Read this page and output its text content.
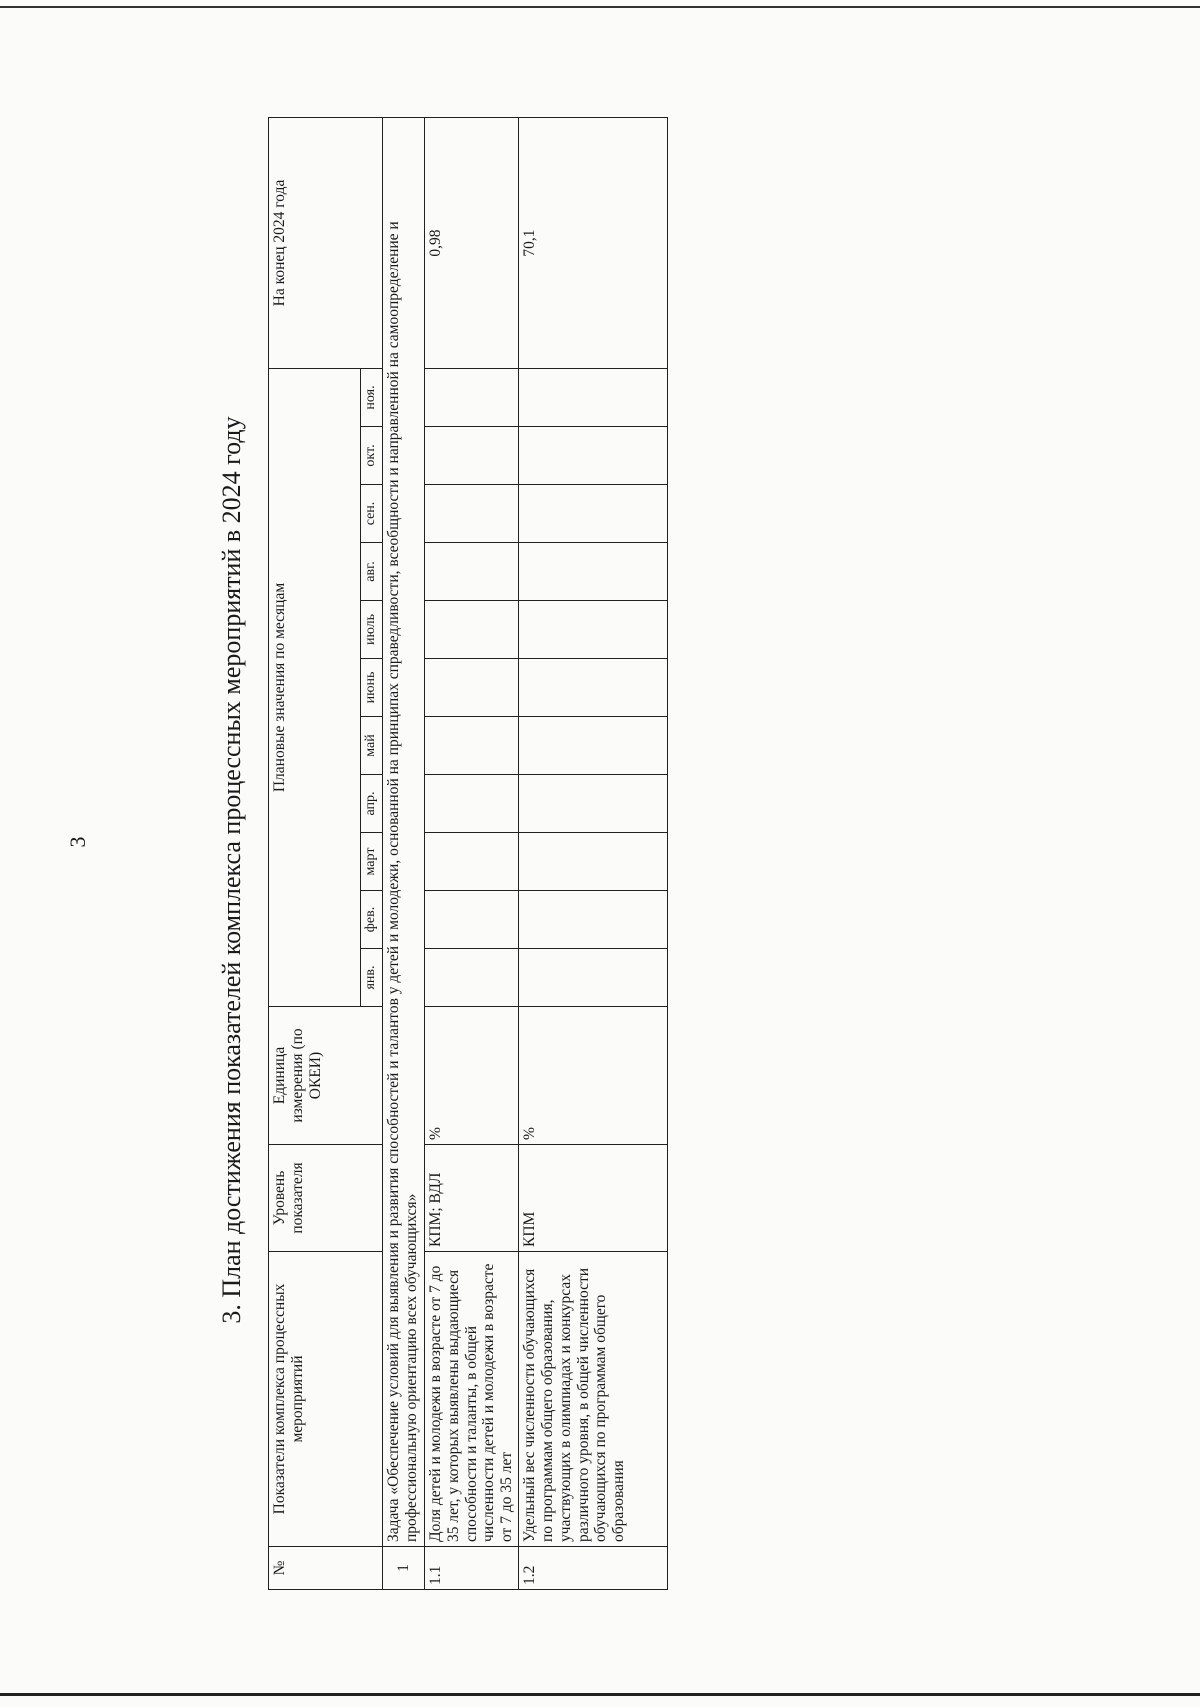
3	3. План достижения показателей комплекса процессных мероприятий в 2024 году
№	Показатели комплекса процессных мероприятий	Уровень показателя	Единица измерения (по ОКЕИ)	Плановые значения по месяцам											На конец 2024 года
				янв.	фев.	март	апр.	май	июнь	июль	авг.	сен.	окт.	ноя.	
1	Задача «Обеспечение условий для выявления и развития способностей и талантов у детей и молодежи, основанной на принципах справедливости, всеобщности и направленной на самоопределение и профессиональную ориентацию всех обучающихся»														
1.1	Доля детей и молодежи в возрасте от 7 до 35 лет, у которых выявлены выдающиеся способности и таланты, в общей численности детей и молодежи в возрасте от 7 до 35 лет	КПМ; ВДЛ	%												0,98
1.2	Удельный вес численности обучающихся по программам общего образования, участвующих в олимпиадах и конкурсах различного уровня, в общей численности обучающихся по программам общего образования	КПМ	%												70,1
